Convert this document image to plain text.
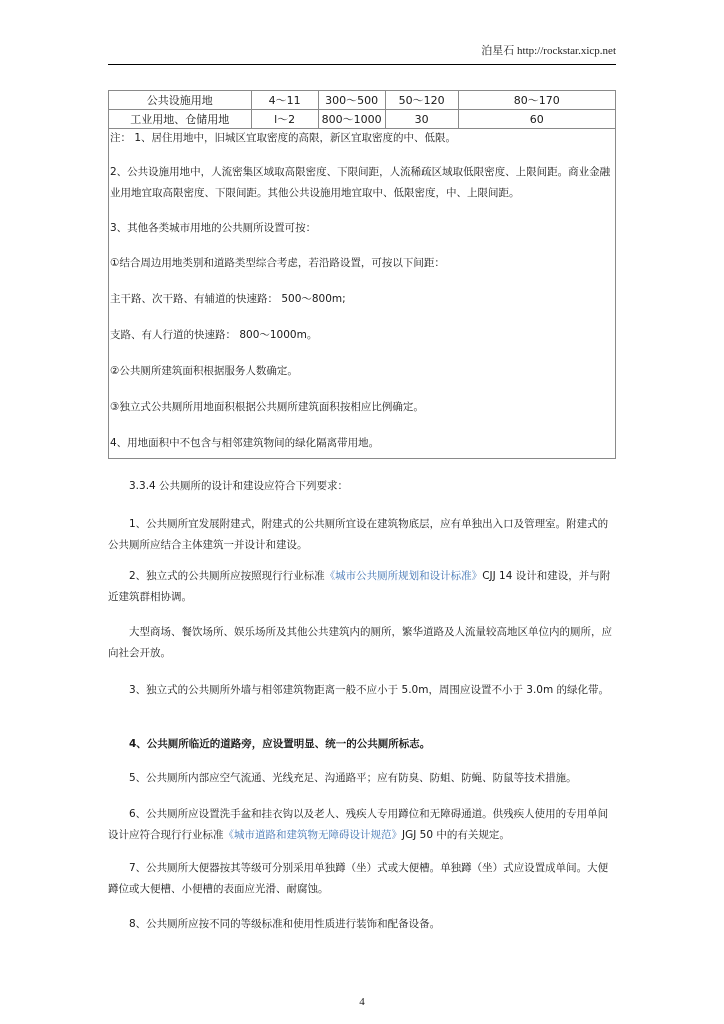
泊星石 http://rockstar.xicp.net
公共设施用地	4～11	300～500	50～120	80～170
工业用地、仓储用地	l～2	800～1000	30	60
注： 1、居住用地中，旧城区宜取密度的高限，新区宜取密度的中、低限。
2、公共设施用地中，人流密集区域取高限密度、下限间距，人流稀疏区域取低限密度、上限间距。商业金融业用地宜取高限密度、下限间距。其他公共设施用地宜取中、低限密度，中、上限间距。
3、其他各类城市用地的公共厕所设置可按：
①结合周边用地类别和道路类型综合考虑，若沿路设置，可按以下间距：
主干路、次干路、有辅道的快速路： 500～800m;
支路、有人行道的快速路： 800～1000m。
②公共厕所建筑面积根据服务人数确定。
③独立式公共厕所用地面积根据公共厕所建筑面积按相应比例确定。
4、用地面积中不包含与相邻建筑物间的绿化隔离带用地。
3.3.4 公共厕所的设计和建设应符合下列要求：
1、公共厕所宜发展附建式，附建式的公共厕所宜设在建筑物底层，应有单独出入口及管理室。附建式的公共厕所应结合主体建筑一并设计和建设。
2、独立式的公共厕所应按照现行行业标准《城市公共厕所规划和设计标准》CJJ 14 设计和建设，并与附近建筑群相协调。
大型商场、餐饮场所、娱乐场所及其他公共建筑内的厕所，繁华道路及人流量较高地区单位内的厕所，应向社会开放。
3、独立式的公共厕所外墙与相邻建筑物距离一般不应小于 5.0m，周围应设置不小于 3.0m 的绿化带。
4、公共厕所临近的道路旁，应设置明显、统一的公共厕所标志。
5、公共厕所内部应空气流通、光线充足、沟通路平；应有防臭、防蛆、防蝇、防鼠等技术措施。
6、公共厕所应设置洗手盆和挂衣钩以及老人、残疾人专用蹲位和无障碍通道。供残疾人使用的专用单间设计应符合现行行业标准《城市道路和建筑物无障碍设计规范》JGJ 50 中的有关规定。
7、公共厕所大便器按其等级可分别采用单独蹲（坐）式或大便槽。单独蹲（坐）式应设置成单间。大便蹲位或大便槽、小便槽的表面应光滑、耐腐蚀。
8、公共厕所应按不同的等级标准和使用性质进行装饰和配备设备。
4
